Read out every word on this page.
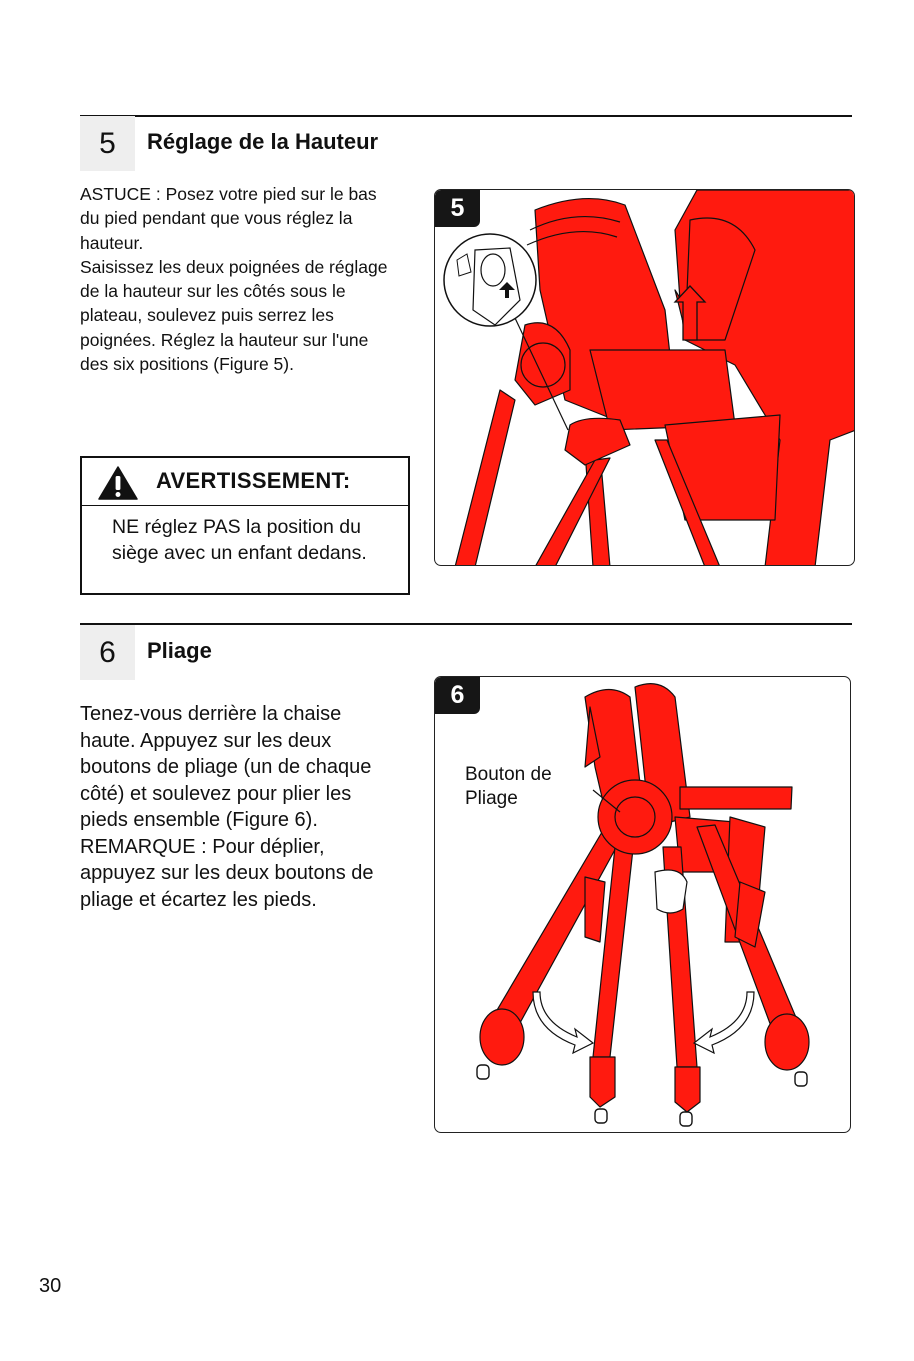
5	Réglage de la Hauteur

ASTUCE : Posez votre pied sur le bas du pied pendant que vous réglez la hauteur.
Saisissez les deux poignées de réglage de la hauteur sur les côtés sous le plateau, soulevez puis serrez les poignées. Réglez la hauteur sur l'une des six positions (Figure 5).

AVERTISSEMENT:

NE réglez PAS la position du siège avec un enfant dedans.

5
6	Pliage

Tenez-vous derrière la chaise haute. Appuyez sur les deux boutons de pliage (un de chaque côté) et soulevez pour plier les pieds ensemble (Figure 6).
REMARQUE : Pour déplier, appuyez sur les deux boutons de pliage et écartez les pieds.

6

Bouton de
Pliage

30
